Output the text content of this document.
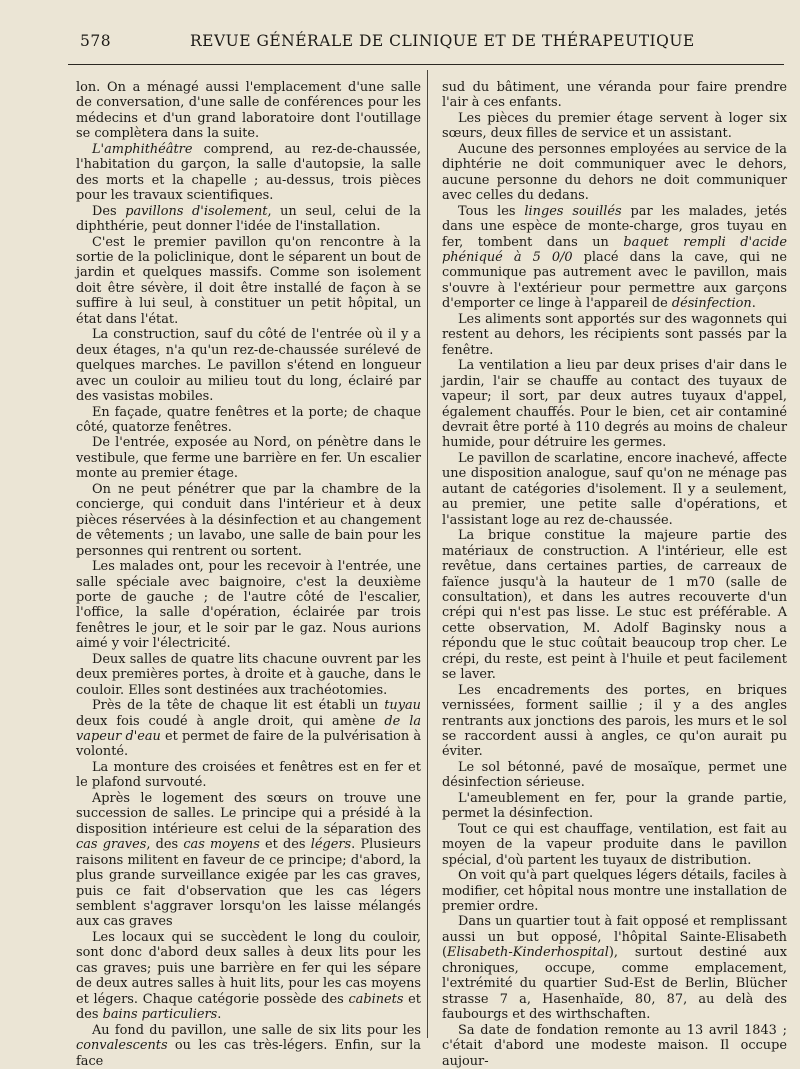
578	REVUE GÉNÉRALE DE CLINIQUE ET DE THÉRAPEUTIQUE

lon. On a ménagé aussi l'emplacement d'une salle de conversation, d'une salle de conférences pour les médecins et d'un grand laboratoire dont l'outillage se complètera dans la suite.

L'amphithéâtre comprend, au rez-de-chaussée, l'habitation du garçon, la salle d'autopsie, la salle des morts et la chapelle ; au-dessus, trois pièces pour les travaux scientifiques.

Des pavillons d'isolement, un seul, celui de la diphthérie, peut donner l'idée de l'installation.

C'est le premier pavillon qu'on rencontre à la sortie de la policlinique, dont le séparent un bout de jardin et quelques massifs. Comme son isolement doit être sévère, il doit être installé de façon à se suffire à lui seul, à constituer un petit hôpital, un état dans l'état.

La construction, sauf du côté de l'entrée où il y a deux étages, n'a qu'un rez-de-chaussée surélevé de quelques marches. Le pavillon s'étend en longueur avec un couloir au milieu tout du long, éclairé par des vasistas mobiles.

En façade, quatre fenêtres et la porte; de chaque côté, quatorze fenêtres.

De l'entrée, exposée au Nord, on pénètre dans le vestibule, que ferme une barrière en fer. Un escalier monte au premier étage.

On ne peut pénétrer que par la chambre de la concierge, qui conduit dans l'intérieur et à deux pièces réservées à la désinfection et au changement de vêtements ; un lavabo, une salle de bain pour les personnes qui rentrent ou sortent.

Les malades ont, pour les recevoir à l'entrée, une salle spéciale avec baignoire, c'est la deuxième porte de gauche ; de l'autre côté de l'escalier, l'office, la salle d'opération, éclairée par trois fenêtres le jour, et le soir par le gaz. Nous aurions aimé y voir l'électricité.

Deux salles de quatre lits chacune ouvrent par les deux premières portes, à droite et à gauche, dans le couloir. Elles sont destinées aux trachéotomies.

Près de la tête de chaque lit est établi un tuyau deux fois coudé à angle droit, qui amène de la vapeur d'eau et permet de faire de la pulvérisation à volonté.

La monture des croisées et fenêtres est en fer et le plafond survouté.

Après le logement des sœurs on trouve une succession de salles. Le principe qui a présidé à la disposition intérieure est celui de la séparation des cas graves, des cas moyens et des légers. Plusieurs raisons militent en faveur de ce principe; d'abord, la plus grande surveillance exigée par les cas graves, puis ce fait d'observation que les cas légers semblent s'aggraver lorsqu'on les laisse mélangés aux cas graves

Les locaux qui se succèdent le long du couloir, sont donc d'abord deux salles à deux lits pour les cas graves; puis une barrière en fer qui les sépare de deux autres salles à huit lits, pour les cas moyens et légers. Chaque catégorie possède des cabinets et des bains particuliers.

Au fond du pavillon, une salle de six lits pour les convalescents ou les cas très-légers. Enfin, sur la face

sud du bâtiment, une véranda pour faire prendre l'air à ces enfants.

Les pièces du premier étage servent à loger six sœurs, deux filles de service et un assistant.

Aucune des personnes employées au service de la diphtérie ne doit communiquer avec le dehors, aucune personne du dehors ne doit communiquer avec celles du dedans.

Tous les linges souillés par les malades, jetés dans une espèce de monte-charge, gros tuyau en fer, tombent dans un baquet rempli d'acide phéniqué à 5 0/0 placé dans la cave, qui ne communique pas autrement avec le pavillon, mais s'ouvre à l'extérieur pour permettre aux garçons d'emporter ce linge à l'appareil de désinfection.

Les aliments sont apportés sur des wagonnets qui restent au dehors, les récipients sont passés par la fenêtre.

La ventilation a lieu par deux prises d'air dans le jardin, l'air se chauffe au contact des tuyaux de vapeur; il sort, par deux autres tuyaux d'appel, également chauffés. Pour le bien, cet air contaminé devrait être porté à 110 degrés au moins de chaleur humide, pour détruire les germes.

Le pavillon de scarlatine, encore inachevé, affecte une disposition analogue, sauf qu'on ne ménage pas autant de catégories d'isolement. Il y a seulement, au premier, une petite salle d'opérations, et l'assistant loge au rez de-chaussée.

La brique constitue la majeure partie des matériaux de construction. A l'intérieur, elle est revêtue, dans certaines parties, de carreaux de faïence jusqu'à la hauteur de 1 m70 (salle de consultation), et dans les autres recouverte d'un crépi qui n'est pas lisse. Le stuc est préférable. A cette observation, M. Adolf Baginsky nous a répondu que le stuc coûtait beaucoup trop cher. Le crépi, du reste, est peint à l'huile et peut facilement se laver.

Les encadrements des portes, en briques vernissées, forment saillie ; il y a des angles rentrants aux jonctions des parois, les murs et le sol se raccordent aussi à angles, ce qu'on aurait pu éviter.

Le sol bétonné, pavé de mosaïque, permet une désinfection sérieuse.

L'ameublement en fer, pour la grande partie, permet la désinfection.

Tout ce qui est chauffage, ventilation, est fait au moyen de la vapeur produite dans le pavillon spécial, d'où partent les tuyaux de distribution.

On voit qu'à part quelques légers détails, faciles à modifier, cet hôpital nous montre une installation de premier ordre.

Dans un quartier tout à fait opposé et remplissant aussi un but opposé, l'hôpital Sainte-Elisabeth (Elisabeth-Kinderhospital), surtout destiné aux chroniques, occupe, comme emplacement, l'extrémité du quartier Sud-Est de Berlin, Blücher strasse 7 a, Hasenhaïde, 80, 87, au delà des faubourgs et des wirthschaften.

Sa date de fondation remonte au 13 avril 1843 ; c'était d'abord une modeste maison. Il occupe aujour-
